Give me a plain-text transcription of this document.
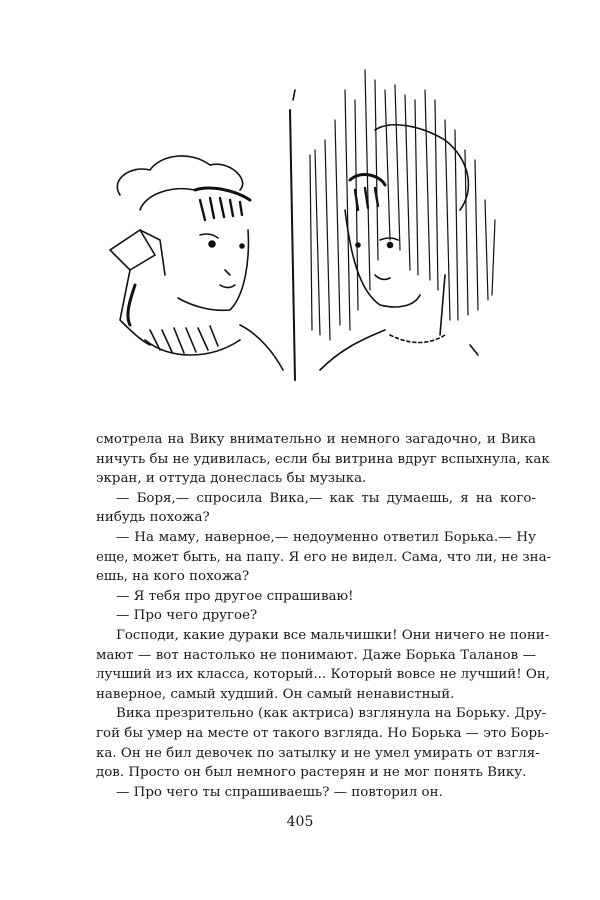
смотрела на Вику внимательно и немного загадочно, и Вика
ничуть бы не удивилась, если бы витрина вдруг вспыхнула, как
экран, и оттуда донеслась бы музыка.
— Боря,— спросила Вика,— как ты думаешь, я на кого-
нибудь похожа?
— На маму, наверное,— недоуменно ответил Борька.— Ну
еще, может быть, на папу. Я его не видел. Сама, что ли, не зна-
ешь, на кого похожа?
— Я тебя про другое спрашиваю!
— Про чего другое?
Господи, какие дураки все мальчишки! Они ничего не пони-
мают — вот настолько не понимают. Даже Борька Таланов —
лучший из их класса, который... Который вовсе не лучший! Он,
наверное, самый худший. Он самый ненавистный.
Вика презрительно (как актриса) взглянула на Борьку. Дру-
гой бы умер на месте от такого взгляда. Но Борька — это Борь-
ка. Он не бил девочек по затылку и не умел умирать от взгля-
дов. Просто он был немного растерян и не мог понять Вику.
— Про чего ты спрашиваешь? — повторил он.
405
